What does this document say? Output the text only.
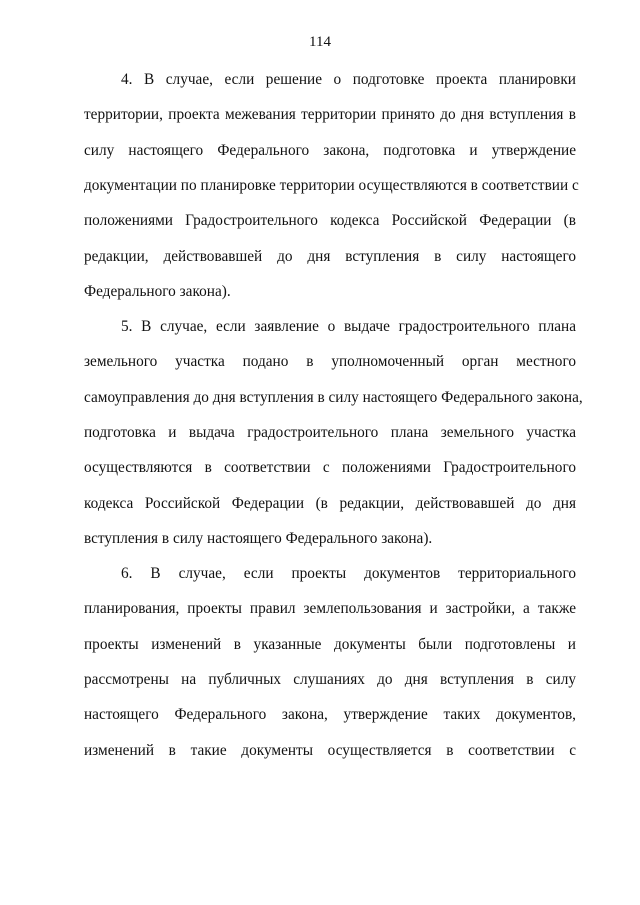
114
4. В случае, если решение о подготовке проекта планировки
территории, проекта межевания территории принято до дня вступления в
силу настоящего Федерального закона, подготовка и утверждение
документации по планировке территории осуществляются в соответствии с
положениями Градостроительного кодекса Российской Федерации (в
редакции, действовавшей до дня вступления в силу настоящего
Федерального закона).
5. В случае, если заявление о выдаче градостроительного плана
земельного участка подано в уполномоченный орган местного
самоуправления до дня вступления в силу настоящего Федерального закона,
подготовка и выдача градостроительного плана земельного участка
осуществляются в соответствии с положениями Градостроительного
кодекса Российской Федерации (в редакции, действовавшей до дня
вступления в силу настоящего Федерального закона).
6. В случае, если проекты документов территориального
планирования, проекты правил землепользования и застройки, а также
проекты изменений в указанные документы были подготовлены и
рассмотрены на публичных слушаниях до дня вступления в силу
настоящего Федерального закона, утверждение таких документов,
изменений в такие документы осуществляется в соответствии с
